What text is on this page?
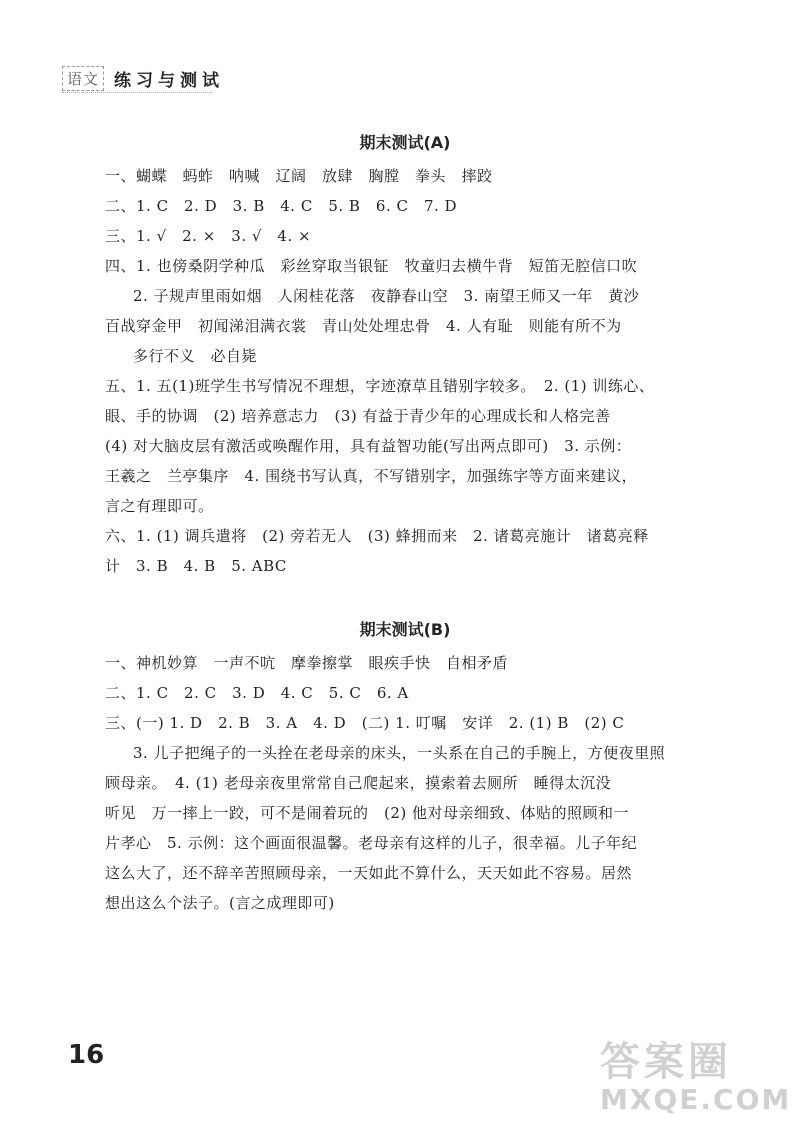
语文 练习与测试
期末测试(A)
一、蝴蝶　蚂蚱　呐喊　辽阔　放肆　胸膛　拳头　摔跤
二、1. C　2. D　3. B　4. C　5. B　6. C　7. D
三、1. √　2. ×　3. √　4. ×
四、1. 也傍桑阴学种瓜　彩丝穿取当银钲　牧童归去横牛背　短笛无腔信口吹
2. 子规声里雨如烟　人闲桂花落　夜静春山空　3. 南望王师又一年　黄沙
百战穿金甲　初闻涕泪满衣裳　青山处处埋忠骨　4. 人有耻　则能有所不为
多行不义　必自毙
五、1. 五(1)班学生书写情况不理想，字迹潦草且错别字较多。　2. (1) 训练心、
眼、手的协调　(2) 培养意志力　(3) 有益于青少年的心理成长和人格完善
(4) 对大脑皮层有激活或唤醒作用，具有益智功能(写出两点即可)　3. 示例：
王羲之　兰亭集序　4. 围绕书写认真，不写错别字，加强练字等方面来建议，
言之有理即可。
六、1. (1) 调兵遣将　(2) 旁若无人　(3) 蜂拥而来　2. 诸葛亮施计　诸葛亮释
计　3. B　4. B　5. ABC
期末测试(B)
一、神机妙算　一声不吭　摩拳擦掌　眼疾手快　自相矛盾
二、1. C　2. C　3. D　4. C　5. C　6. A
三、(一) 1. D　2. B　3. A　4. D　(二) 1. 叮嘱　安详　2. (1) B　(2) C
3. 儿子把绳子的一头拴在老母亲的床头，一头系在自己的手腕上，方便夜里照
顾母亲。　4. (1) 老母亲夜里常常自己爬起来，摸索着去厕所　睡得太沉没
听见　万一摔上一跤，可不是闹着玩的　(2) 他对母亲细致、体贴的照顾和一
片孝心　5. 示例：这个画面很温馨。老母亲有这样的儿子，很幸福。儿子年纪
这么大了，还不辞辛苦照顾母亲，一天如此不算什么，天天如此不容易。居然
想出这么个法子。(言之成理即可)
16	答案圈
MXQE.COM
